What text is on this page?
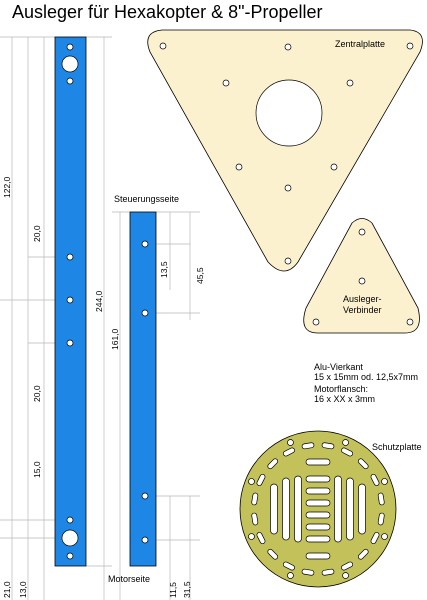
Ausleger für Hexakopter & 8"-Propeller
Steuerungsseite
Motorseite
Zentralplatte
Ausleger-
Verbinder
Schutzplatte
Alu-Vierkant
15 x 15mm od. 12,5x7mm
Motorflansch:
16 x XX x 3mm
122,0
20,0
20,0
15,0
21,0 13,0
244,0
161,0
13,5	45,5
11,5 31,5
